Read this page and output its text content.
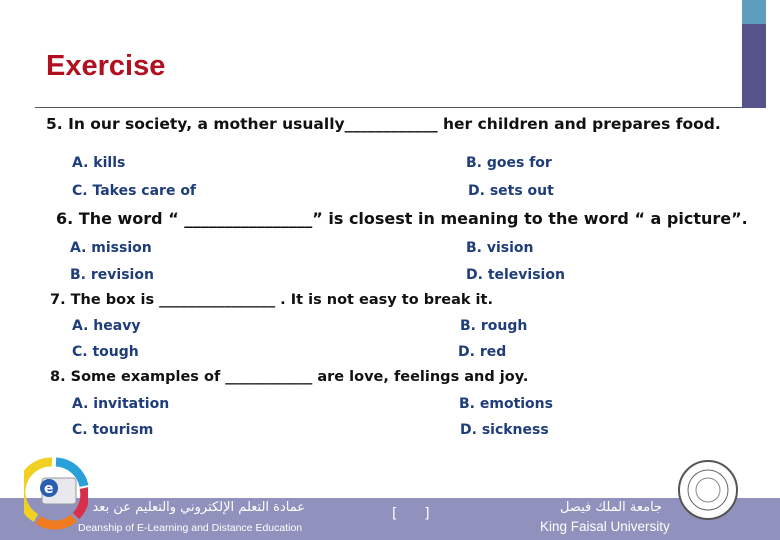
Exercise
5. In our society, a mother usually____________ her children and prepares food.
A. kills	B. goes for
C. Takes care of	D. sets out
6. The word “ ________________” is closest in meaning to the word “ a picture”.
A. mission	B. vision
B. revision	D. television
7. The box is ________________ . It is not easy to break it.
A. heavy	B. rough
C. tough	D. red
8. Some examples of ____________ are love, feelings and joy.
A. invitation	B. emotions
C. tourism	D. sickness
عمادة التعلم الإلكتروني والتعليم عن بعد
Deanship of E-Learning and Distance Education
[      ]	جامعة الملك فيصل
King Faisal University
e
